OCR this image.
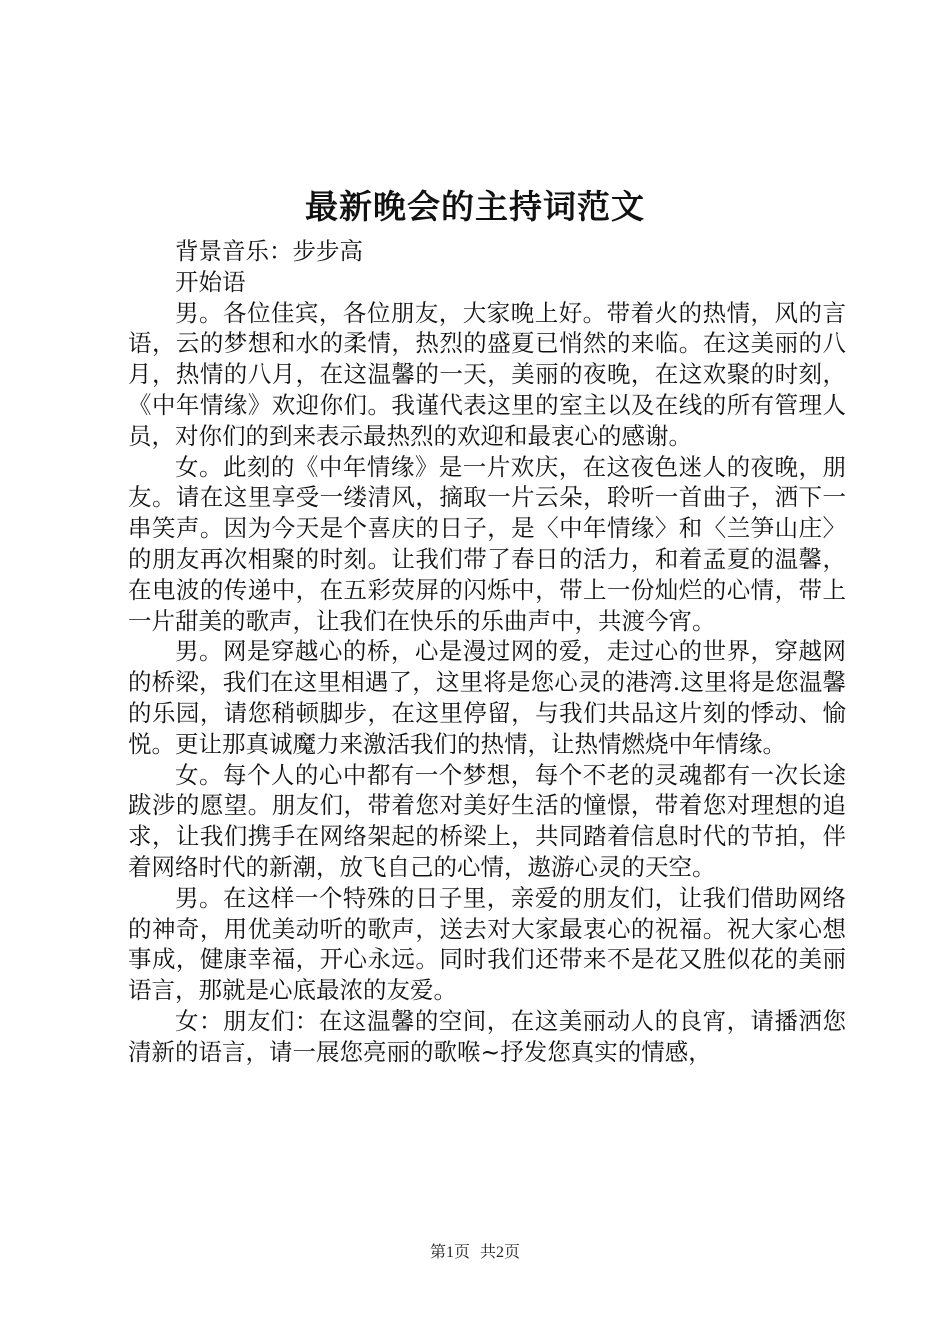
最新晚会的主持词范文

背景音乐：步步高

开始语

男。各位佳宾，各位朋友，大家晚上好。带着火的热情，风的言语，云的梦想和水的柔情，热烈的盛夏已悄然的来临。在这美丽的八月，热情的八月，在这温馨的一天，美丽的夜晚，在这欢聚的时刻，《中年情缘》欢迎你们。我谨代表这里的室主以及在线的所有管理人员，对你们的到来表示最热烈的欢迎和最衷心的感谢。

女。此刻的《中年情缘》是一片欢庆，在这夜色迷人的夜晚，朋友。请在这里享受一缕清风，摘取一片云朵，聆听一首曲子，洒下一串笑声。因为今天是个喜庆的日子，是〈中年情缘〉和〈兰笋山庄〉的朋友再次相聚的时刻。让我们带了春日的活力，和着孟夏的温馨，在电波的传递中，在五彩荧屏的闪烁中，带上一份灿烂的心情，带上一片甜美的歌声，让我们在快乐的乐曲声中，共渡今宵。

男。网是穿越心的桥，心是漫过网的爱，走过心的世界，穿越网的桥梁，我们在这里相遇了，这里将是您心灵的港湾.这里将是您温馨的乐园，请您稍顿脚步，在这里停留，与我们共品这片刻的悸动、愉悦。更让那真诚魔力来激活我们的热情，让热情燃烧中年情缘。

女。每个人的心中都有一个梦想，每个不老的灵魂都有一次长途跋涉的愿望。朋友们，带着您对美好生活的憧憬，带着您对理想的追求，让我们携手在网络架起的桥梁上，共同踏着信息时代的节拍，伴着网络时代的新潮，放飞自己的心情，遨游心灵的天空。

男。在这样一个特殊的日子里，亲爱的朋友们，让我们借助网络的神奇，用优美动听的歌声，送去对大家最衷心的祝福。祝大家心想事成，健康幸福，开心永远。同时我们还带来不是花又胜似花的美丽语言，那就是心底最浓的友爱。

女：朋友们：在这温馨的空间，在这美丽动人的良宵，请播洒您清新的语言，请一展您亮丽的歌喉~抒发您真实的情感，

第1页 共2页
